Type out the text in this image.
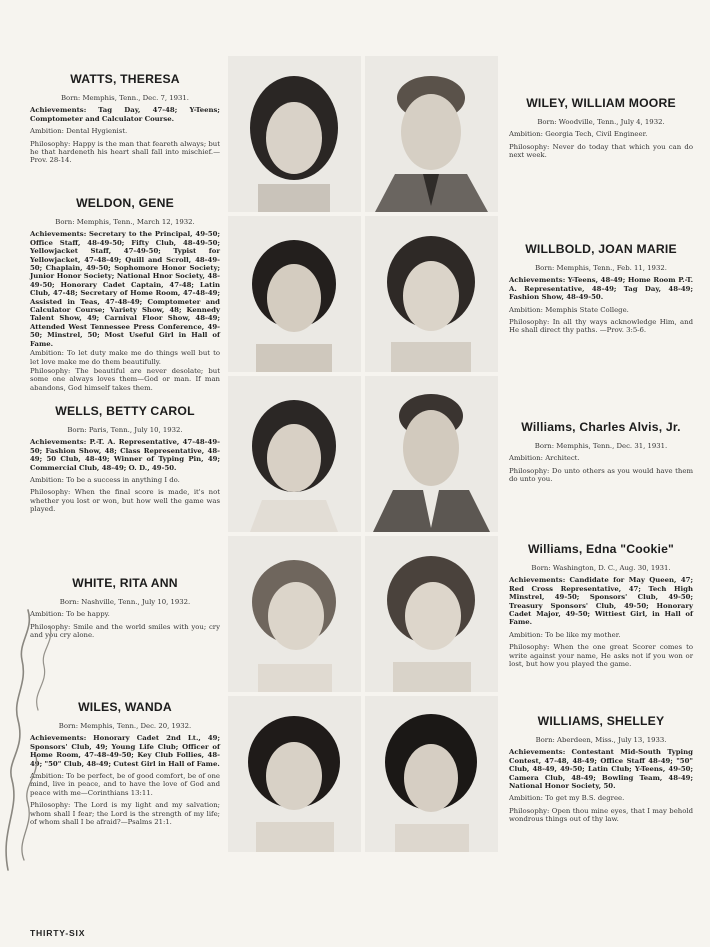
WATTS, THERESA
Born: Memphis, Tenn., Dec. 7, 1931.
Achievements: Tag Day, 47-48; Y-Teens; Comptometer and Calculator Course.
Ambition: Dental Hygienist.
Philosophy: Happy is the man that feareth always; but he that hardeneth his heart shall fall into mischief.—Prov. 28-14.
WELDON, GENE
Born: Memphis, Tenn., March 12, 1932.
Achievements: Secretary to the Principal, 49-50; Office Staff, 48-49-50; Fifty Club, 48-49-50; Yellowjacket Staff, 47-49-50; Typist for Yellowjacket, 47-48-49; Quill and Scroll, 48-49-50; Chaplain, 49-50; Sophomore Honor Society; Junior Honor Society; National Hnor Society, 48-49-50; Honorary Cadet Captain, 47-48; Latin Club, 47-48; Secretary of Home Room, 47-48-49; Assisted in Teas, 47-48-49; Comptometer and Calculator Course; Variety Show, 48; Kennedy Talent Show, 49; Carnival Floor Show, 48-49; Attended West Tennessee Press Conference, 49-50; Minstrel, 50; Most Useful Girl in Hall of Fame.
Ambition: To let duty make me do things well but to let love make me do them beautifully.
Philosophy: The beautiful are never desolate; but some one always loves them—God or man. If man abandons, God himself takes them.
WELLS, BETTY CAROL
Born: Paris, Tenn., July 10, 1932.
Achievements: P.-T. A. Representative, 47-48-49-50; Fashion Show, 48; Class Representative, 48-49; 50 Club, 48-49; Winner of Typing Pin, 49; Commercial Club, 48-49; O. D., 49-50.
Ambition: To be a success in anything I do.
Philosophy: When the final score is made, it's not whether you lost or won, but how well the game was played.
WHITE, RITA ANN
Born: Nashville, Tenn., July 10, 1932.
Ambition: To be happy.
Philosophy: Smile and the world smiles with you; cry and you cry alone.
WILES, WANDA
Born: Memphis, Tenn., Dec. 20, 1932.
Achievements: Honorary Cadet 2nd Lt., 49; Sponsors' Club, 49; Young Life Club; Officer of Home Room, 47-48-49-50; Key Club Follies, 48-49; "50" Club, 48-49; Cutest Girl in Hall of Fame.
Ambition: To be perfect, be of good comfort, be of one mind, live in peace, and to have the love of God and peace with me—Corinthians 13:11.
Philosophy: The Lord is my light and my salvation; whom shall I fear; the Lord is the strength of my life; of whom shall I be afraid?—Psalms 21:1.
WILEY, WILLIAM MOORE
Born: Woodville, Tenn., July 4, 1932.
Ambition: Georgia Tech, Civil Engineer.
Philosophy: Never do today that which you can do next week.
WILLBOLD, JOAN MARIE
Born: Memphis, Tenn., Feb. 11, 1932.
Achievements: Y-Teens, 48-49; Home Room P.-T. A. Representative, 48-49; Tag Day, 48-49; Fashion Show, 48-49-50.
Ambition: Memphis State College.
Philosophy: In all thy ways acknowledge Him, and He shall direct thy paths. —Prov. 3:5-6.
Williams, Charles Alvis, Jr.
Born: Memphis, Tenn., Dec. 31, 1931.
Ambition: Architect.
Philosophy: Do unto others as you would have them do unto you.
Williams, Edna "Cookie"
Born: Washington, D. C., Aug. 30, 1931.
Achievements: Candidate for May Queen, 47; Red Cross Representative, 47; Tech High Minstrel, 49-50; Sponsors' Club, 49-50; Treasury Sponsors' Club, 49-50; Honorary Cadet Major, 49-50; Wittiest Girl, in Hall of Fame.
Ambition: To be like my mother.
Philosophy: When the one great Scorer comes to write against your name, He asks not if you won or lost, but how you played the game.
WILLIAMS, SHELLEY
Born: Aberdeen, Miss., July 13, 1933.
Achievements: Contestant Mid-South Typing Contest, 47-48, 48-49; Office Staff 48-49; "50" Club, 48-49, 49-50; Latin Club; Y-Teens, 49-50; Camera Club, 48-49; Bowling Team, 48-49; National Honor Society, 50.
Ambition: To get my B.S. degree.
Philosophy: Open thou mine eyes, that I may behold wondrous things out of thy law.
THIRTY-SIX
